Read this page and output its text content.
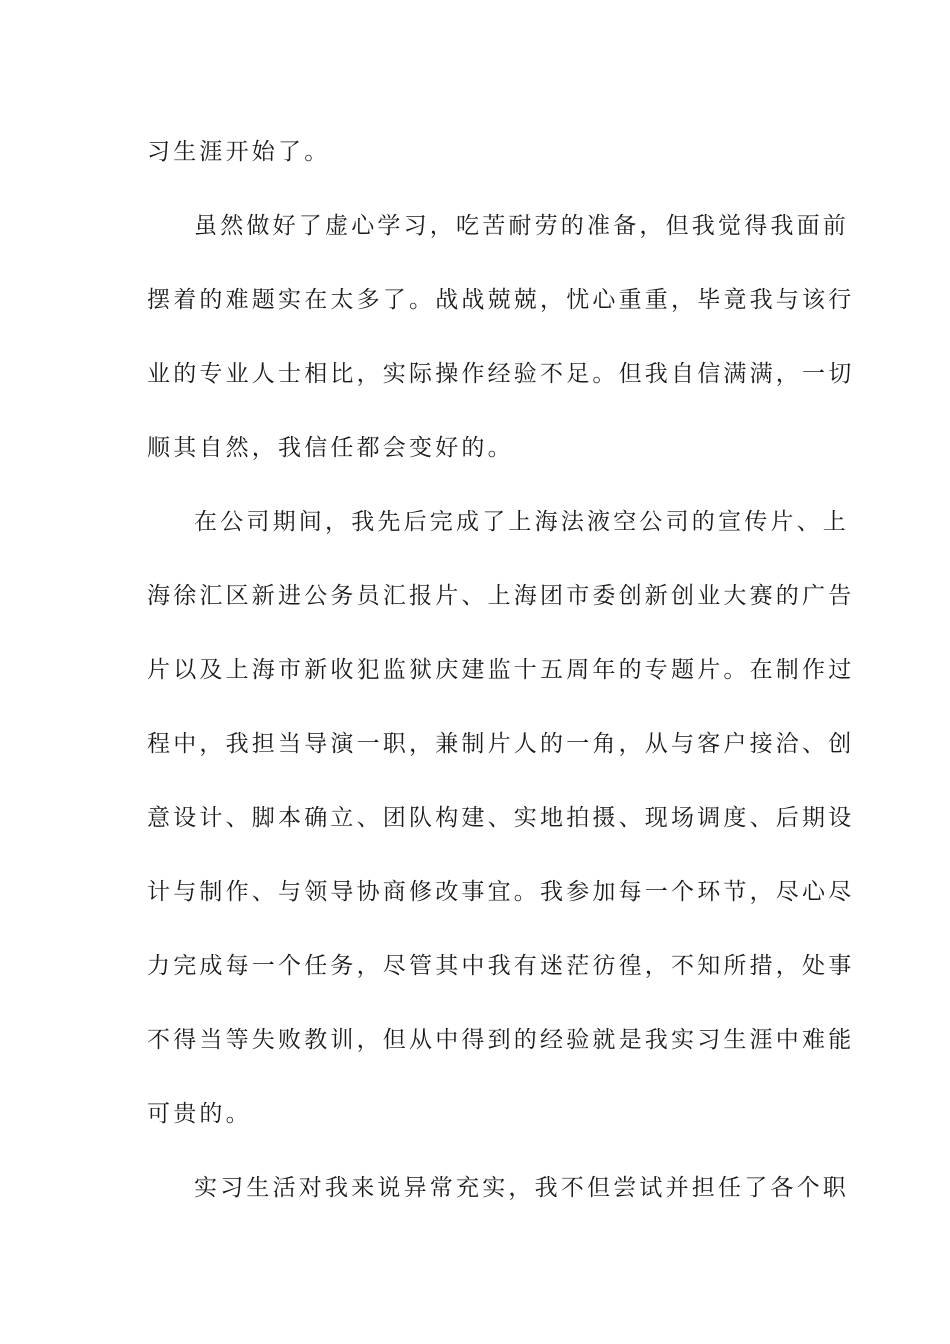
习生涯开始了。
虽然做好了虚心学习，吃苦耐劳的准备，但我觉得我面前
摆着的难题实在太多了。战战兢兢，忧心重重，毕竟我与该行
业的专业人士相比，实际操作经验不足。但我自信满满，一切
顺其自然，我信任都会变好的。
在公司期间，我先后完成了上海法液空公司的宣传片、上
海徐汇区新进公务员汇报片、上海团市委创新创业大赛的广告
片以及上海市新收犯监狱庆建监十五周年的专题片。在制作过
程中，我担当导演一职，兼制片人的一角，从与客户接洽、创
意设计、脚本确立、团队构建、实地拍摄、现场调度、后期设
计与制作、与领导协商修改事宜。我参加每一个环节，尽心尽
力完成每一个任务，尽管其中我有迷茫彷徨，不知所措，处事
不得当等失败教训，但从中得到的经验就是我实习生涯中难能
可贵的。
实习生活对我来说异常充实，我不但尝试并担任了各个职
